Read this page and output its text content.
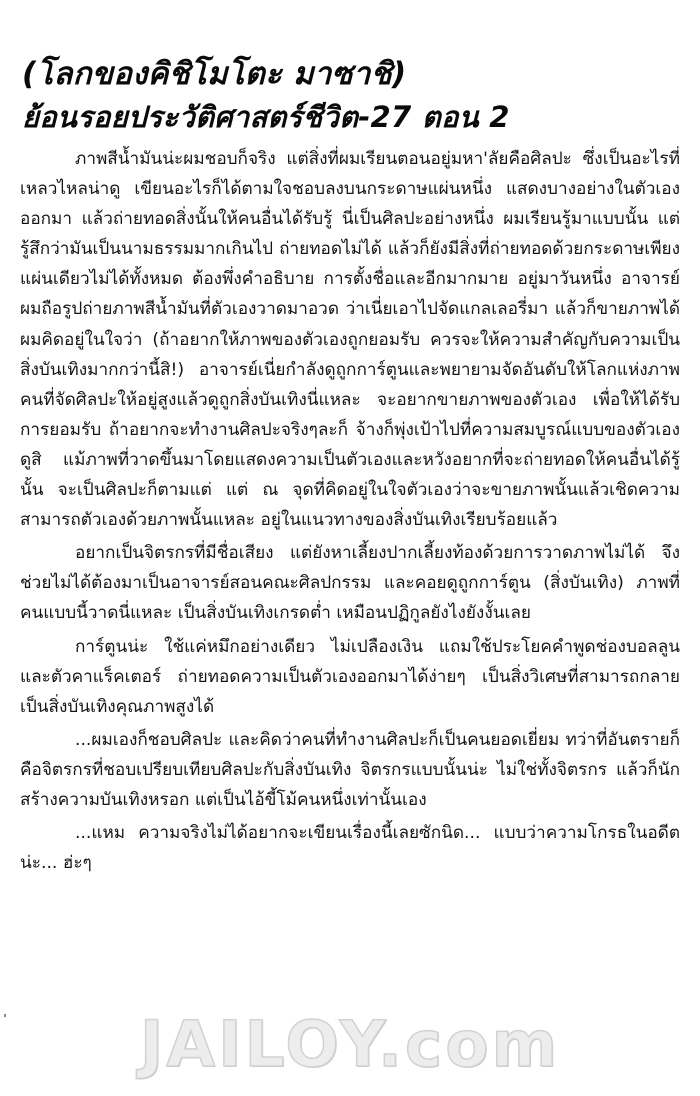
(โลกของคิชิโมโตะ มาซาชิ)
ย้อนรอยประวัติศาสตร์ชีวิต-27 ตอน 2

ภาพสีน้ำมันน่ะผมชอบก็จริง แต่สิ่งที่ผมเรียนตอนอยู่มหา'ลัยคือศิลปะ ซึ่งเป็นอะไรที่เหลวไหลน่าดู เขียนอะไรก็ได้ตามใจชอบลงบนกระดาษแผ่นหนึ่ง แสดงบางอย่างในตัวเองออกมา แล้วถ่ายทอดสิ่งนั้นให้คนอื่นได้รับรู้ นี่เป็นศิลปะอย่างหนึ่ง ผมเรียนรู้มาแบบนั้น แต่รู้สึกว่ามันเป็นนามธรรมมากเกินไป ถ่ายทอดไม่ได้ แล้วก็ยังมีสิ่งที่ถ่ายทอดด้วยกระดาษเพียงแผ่นเดียวไม่ได้ทั้งหมด ต้องพึ่งคำอธิบาย การตั้งชื่อและอีกมากมาย อยู่มาวันหนึ่ง อาจารย์ผมถือรูปถ่ายภาพสีน้ำมันที่ตัวเองวาดมาอวด ว่าเนี่ยเอาไปจัดแกลเลอรี่มา แล้วก็ขายภาพได้ ผมคิดอยู่ในใจว่า (ถ้าอยากให้ภาพของตัวเองถูกยอมรับ ควรจะให้ความสำคัญกับความเป็นสิ่งบันเทิงมากกว่านี้สิ!) อาจารย์เนี่ยกำลังดูถูกการ์ตูนและพยายามจัดอันดับให้โลกแห่งภาพ คนที่จัดศิลปะให้อยู่สูงแล้วดูถูกสิ่งบันเทิงนี่แหละ จะอยากขายภาพของตัวเอง เพื่อให้ได้รับการยอมรับ ถ้าอยากจะทำงานศิลปะจริงๆละก็ จ้างก็พุ่งเป้าไปที่ความสมบูรณ์แบบของตัวเองดูสิ แม้ภาพที่วาดขึ้นมาโดยแสดงความเป็นตัวเองและหวังอยากที่จะถ่ายทอดให้คนอื่นได้รู้นั้น จะเป็นศิลปะก็ตามแต่ แต่ ณ จุดที่คิดอยู่ในใจตัวเองว่าจะขายภาพนั้นแล้วเชิดความสามารถตัวเองด้วยภาพนั้นแหละ อยู่ในแนวทางของสิ่งบันเทิงเรียบร้อยแล้ว

อยากเป็นจิตรกรที่มีชื่อเสียง แต่ยังหาเลี้ยงปากเลี้ยงท้องด้วยการวาดภาพไม่ได้ จึงช่วยไม่ได้ต้องมาเป็นอาจารย์สอนคณะศิลปกรรม และคอยดูถูกการ์ตูน (สิ่งบันเทิง) ภาพที่คนแบบนี้วาดนี่แหละ เป็นสิ่งบันเทิงเกรดต่ำ เหมือนปฏิกูลยังไงยังงั้นเลย

การ์ตูนน่ะ ใช้แค่หมึกอย่างเดียว ไม่เปลืองเงิน แถมใช้ประโยคคำพูดช่องบอลลูน และตัวคาแร็คเตอร์ ถ่ายทอดความเป็นตัวเองออกมาได้ง่ายๆ เป็นสิ่งวิเศษที่สามารถกลายเป็นสิ่งบันเทิงคุณภาพสูงได้

...ผมเองก็ชอบศิลปะ และคิดว่าคนที่ทำงานศิลปะก็เป็นคนยอดเยี่ยม ทว่าที่อันตรายก็คือจิตรกรที่ชอบเปรียบเทียบศิลปะกับสิ่งบันเทิง จิตรกรแบบนั้นน่ะ ไม่ใช่ทั้งจิตรกร แล้วก็นักสร้างความบันเทิงหรอก แต่เป็นไอ้ขี้โม้คนหนึ่งเท่านั้นเอง

...แหม ความจริงไม่ได้อยากจะเขียนเรื่องนี้เลยซักนิด... แบบว่าความโกรธในอดีตน่ะ... ฮ่ะๆ

JAILOY.com
